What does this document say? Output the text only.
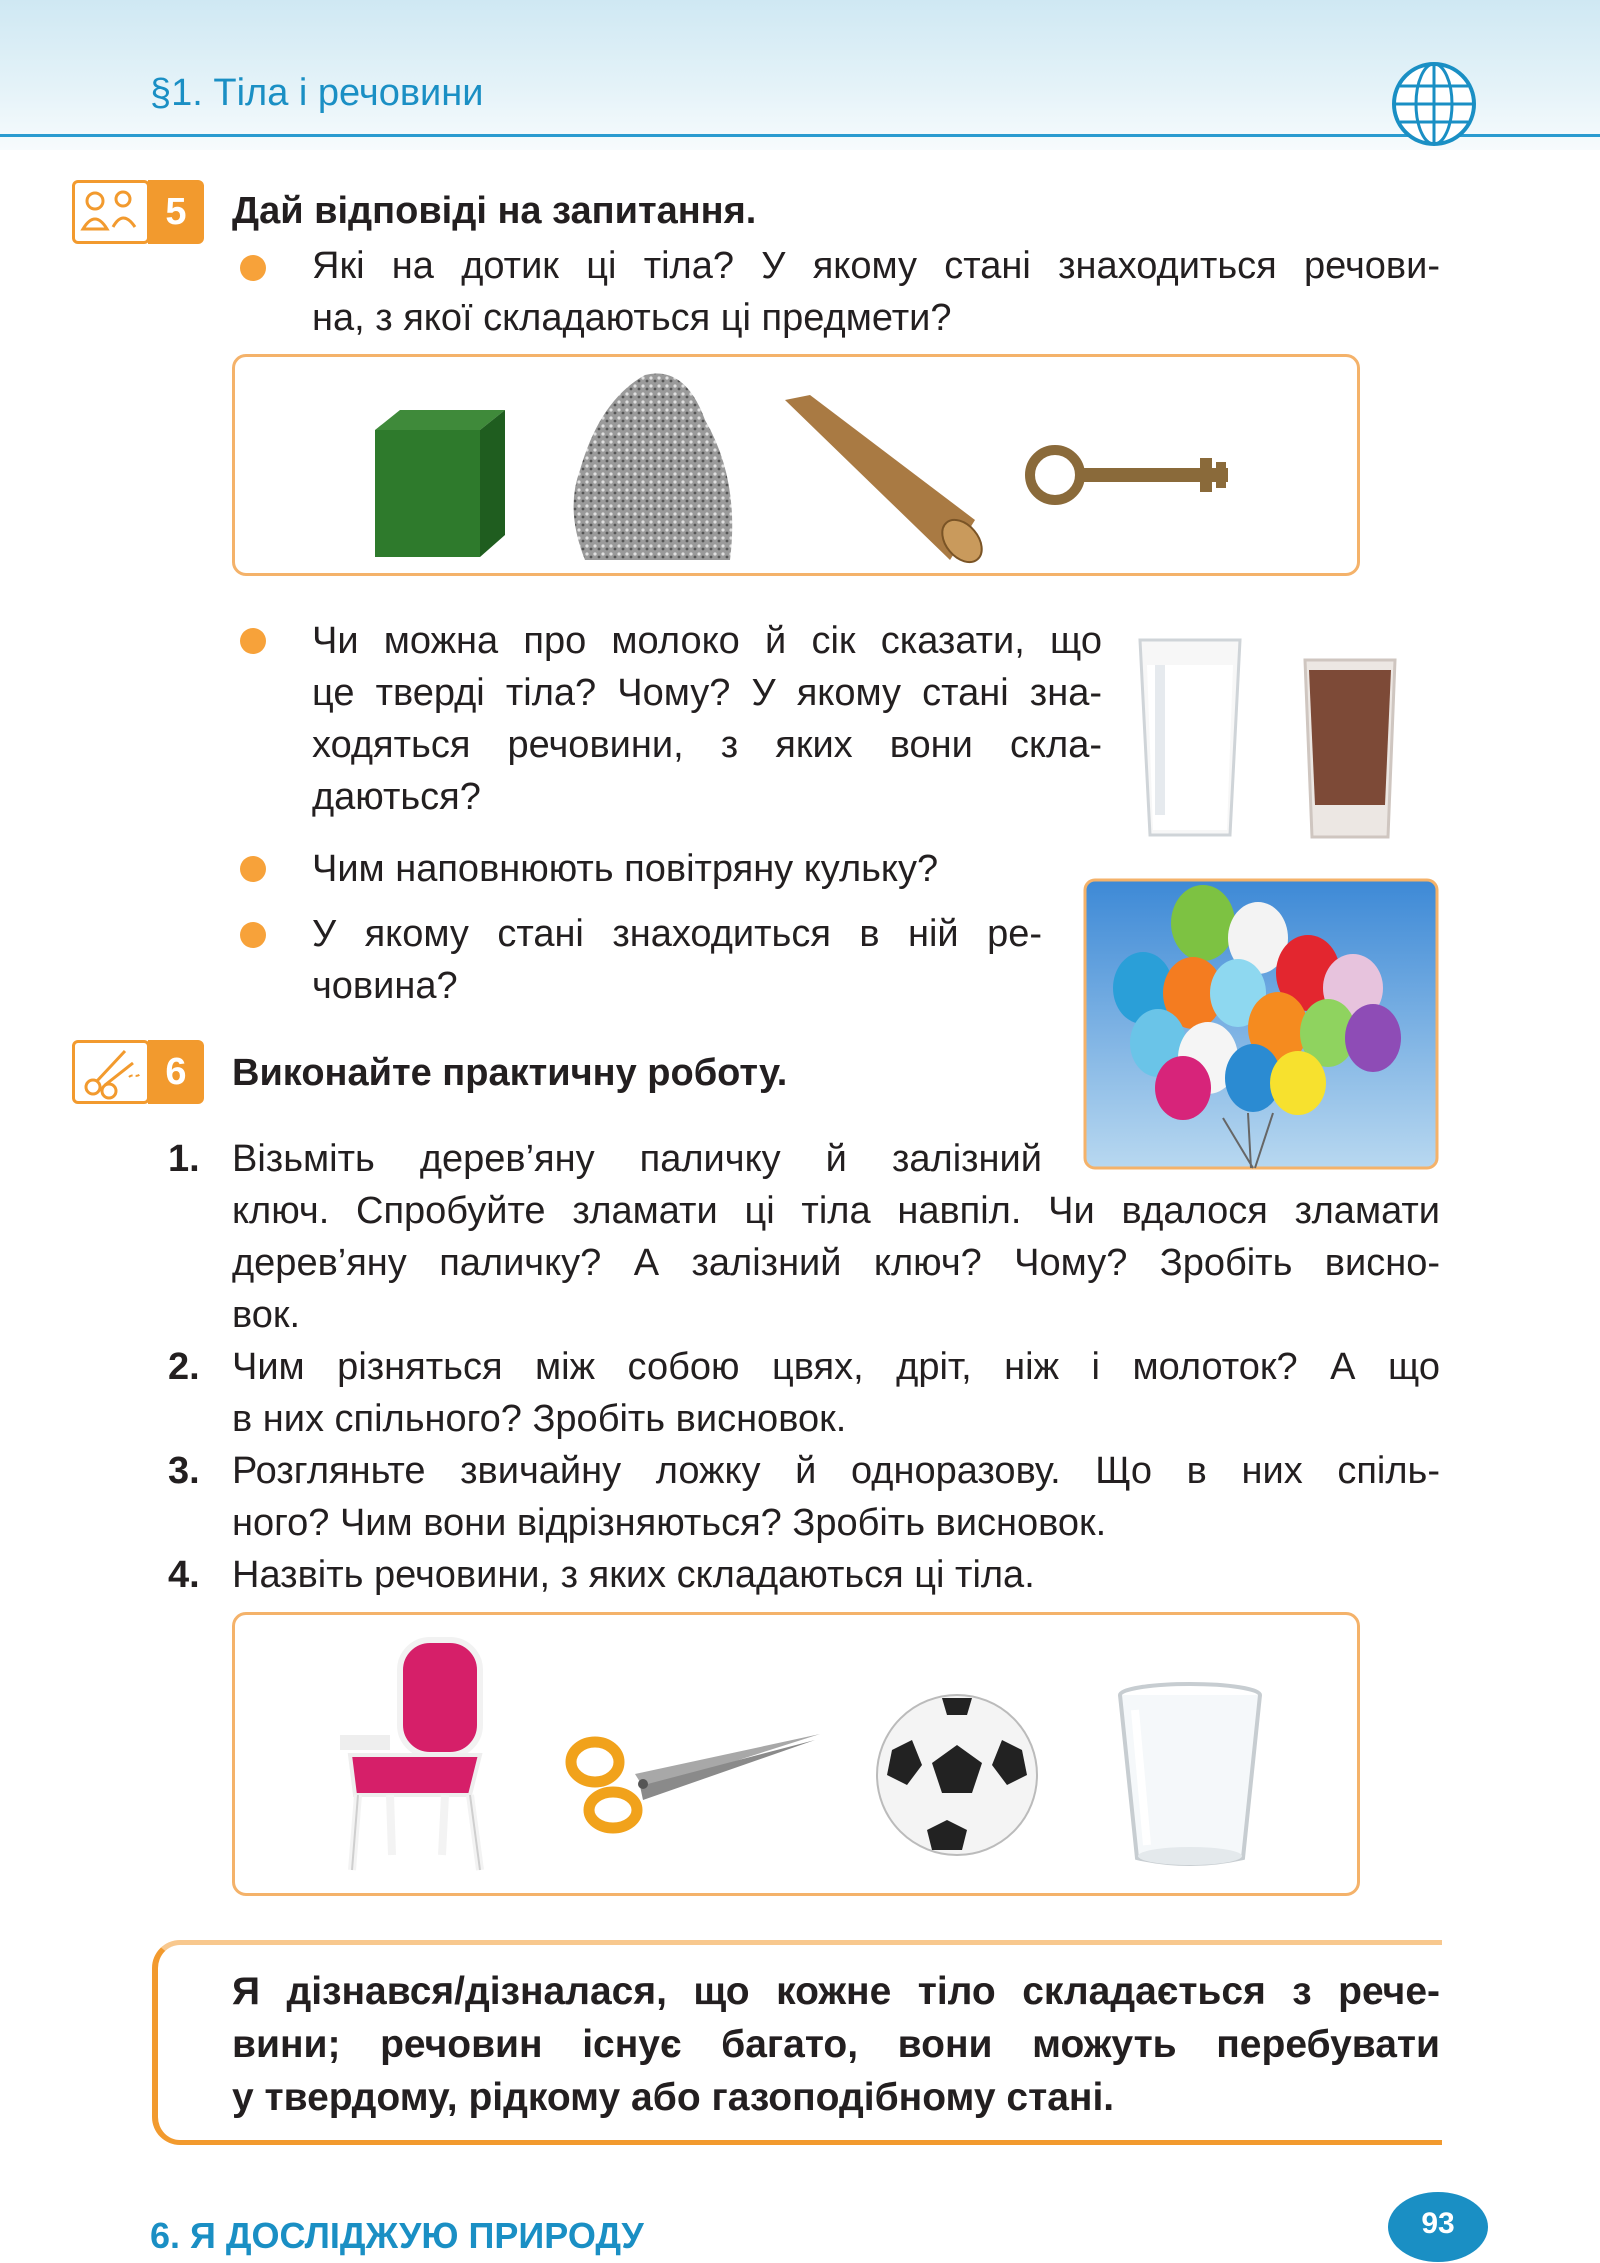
§1. Тіла і речовини
5	Дай відповіді на запитання.
Які на дотик ці тіла? У якому стані знаходиться речови-
на, з якої складаються ці предмети?
Чи можна про молоко й сік сказати, що
це тверді тіла? Чому? У якому стані зна-
ходяться речовини, з яких вони скла-
даються?
Чим наповнюють повітряну кульку?
У якому стані знаходиться в ній ре-
човина?
6	Виконайте практичну роботу.
1. Візьміть дерев’яну паличку й залізний
ключ. Спробуйте зламати ці тіла навпіл. Чи вдалося зламати
дерев’яну паличку? А залізний ключ? Чому? Зробіть висно-
вок.
2. Чим різняться між собою цвях, дріт, ніж і молоток? А що
в них спільного? Зробіть висновок.
3. Розгляньте звичайну ложку й одноразову. Що в них спіль-
ного? Чим вони відрізняються? Зробіть висновок.
4. Назвіть речовини, з яких складаються ці тіла.
Я дізнався/дізналася, що кожне тіло складається з рече-
вини; речовин існує багато, вони можуть перебувати
у твердому, рідкому або газоподібному стані.
6. Я ДОСЛІДЖУЮ ПРИРОДУ	93
